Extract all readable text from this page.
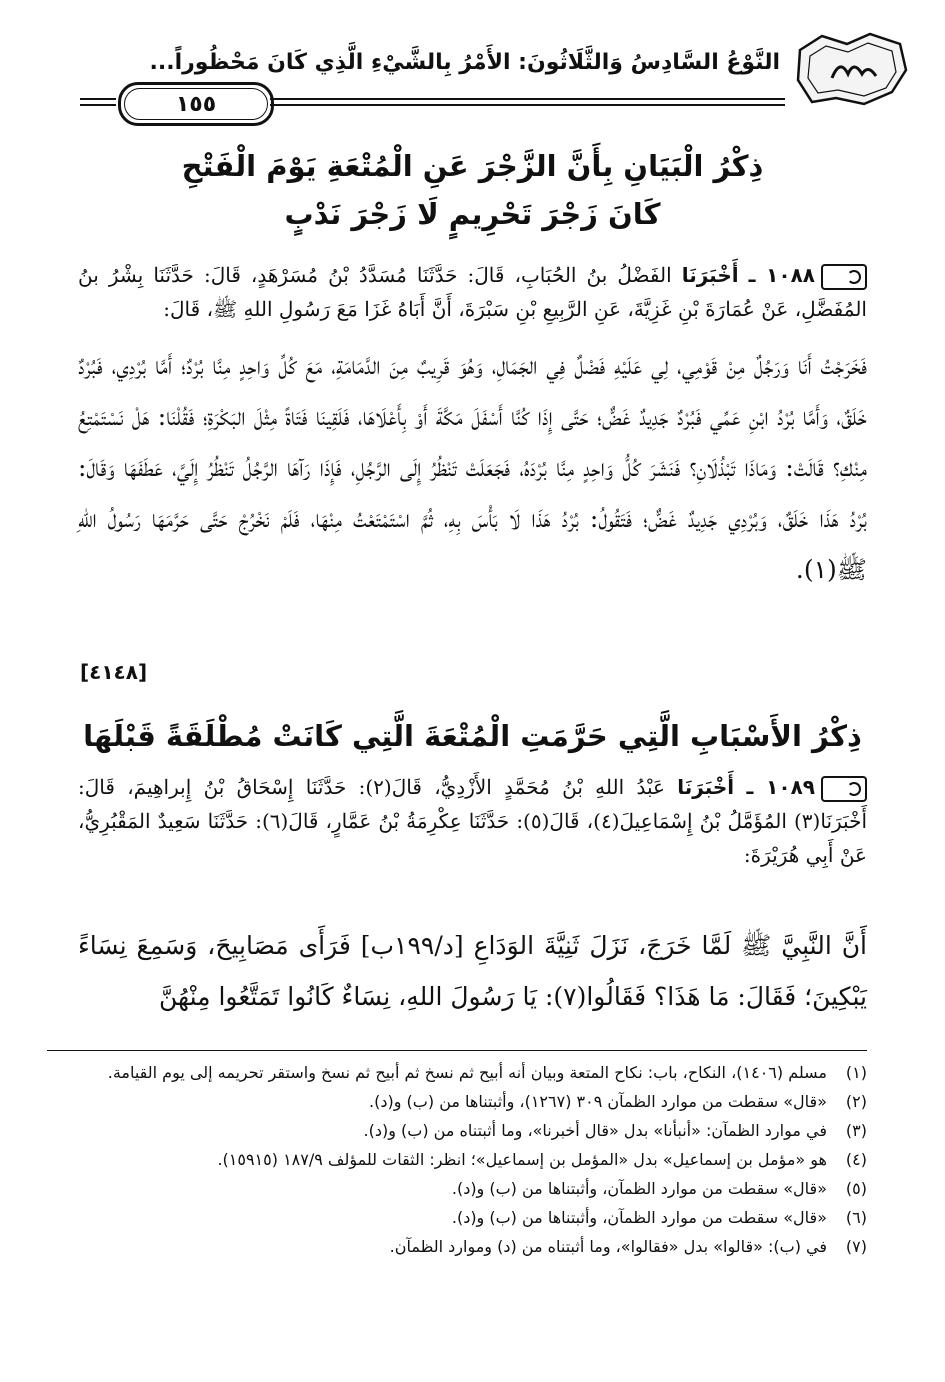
النَّوْعُ السَّادِسُ وَالثَّلَاثُونَ: الأَمْرُ بِالشَّيْءِ الَّذِي كَانَ مَحْظُوراً...
١٥٥
ذِكْرُ الْبَيَانِ بِأَنَّ الزَّجْرَ عَنِ الْمُتْعَةِ يَوْمَ الْفَتْحِ
كَانَ زَجْرَ تَحْرِيمٍ لَا زَجْرَ نَدْبٍ
١٠٨٨ ـ أَخْبَرَنَا الفَضْلُ بنُ الحُبَابِ، قَالَ: حَدَّثَنَا مُسَدَّدُ بْنُ مُسَرْهَدٍ، قَالَ: حَدَّثَنَا بِشْرُ بنُ المُفَضَّلِ، عَنْ عُمَارَةَ بْنِ غَزِيَّةَ، عَنِ الرَّبِيعِ بْنِ سَبْرَةَ، أَنَّ أَبَاهُ غَزَا مَعَ رَسُولِ اللهِ ﷺ، قَالَ:
فَخَرَجْتُ أَنَا وَرَجُلٌ مِنْ قَوْمِي، لِي عَلَيْهِ فَضْلٌ فِي الجَمَالِ، وَهُوَ قَرِيبٌ مِنَ الدَّمَامَةِ، مَعَ كُلِّ وَاحِدٍ مِنَّا بُرْدٌ؛ أَمَّا بُرْدِي، فَبُرْدٌ خَلَقٌ، وَأَمَّا بُرْدُ ابْنِ عَمِّي فَبُرْدٌ جَدِيدٌ غَضٌّ؛ حَتَّى إِذَا كُنَّا أَسْفَلَ مَكَّةَ أَوْ بِأَعْلَاهَا، فَلَقِينَا فَتَاةً مِثْلَ البَكْرَةِ؛ فَقُلْنَا: هَلْ نَسْتَمْتِعُ مِنْكِ؟ قَالَتْ: وَمَاذَا تَبْذُلَانِ؟ فَنَشَرَ كُلُّ وَاحِدٍ مِنَّا بُرْدَهُ، فَجَعَلَتْ تَنْظُرُ إِلَى الرَّجُلِ، فَإِذَا رَآهَا الرَّجُلُ تَنْظُرُ إِلَيَّ، عَطَفَهَا وَقَالَ: بُرْدُ هَذَا خَلَقٌ، وَبُرْدِي جَدِيدٌ غَضٌّ؛ فَتَقُولُ: بُرْدُ هَذَا لَا بَأْسَ بِهِ، ثُمَّ اسْتَمْتَعْتُ مِنْهَا، فَلَمْ نَخْرُجْ حَتَّى حَرَّمَهَا رَسُولُ اللهِ ﷺ(١).
[٤١٤٨]
ذِكْرُ الأَسْبَابِ الَّتِي حَرَّمَتِ الْمُتْعَةَ الَّتِي كَانَتْ مُطْلَقَةً قَبْلَهَا
١٠٨٩ ـ أَخْبَرَنَا عَبْدُ اللهِ بْنُ مُحَمَّدٍ الأَزْدِيُّ، قَالَ(٢): حَدَّثَنَا إِسْحَاقُ بْنُ إِبراهِيمَ، قَالَ: أَخْبَرَنَا(٣) المُؤَمَّلُ بْنُ إِسْمَاعِيلَ(٤)، قَالَ(٥): حَدَّثَنَا عِكْرِمَةُ بْنُ عَمَّارٍ، قَالَ(٦): حَدَّثَنَا سَعِيدٌ المَقْبُرِيُّ، عَنْ أَبِي هُرَيْرَةَ:
أَنَّ النَّبِيَّ ﷺ لَمَّا خَرَجَ، نَزَلَ ثَنِيَّةَ الوَدَاعِ [د/١٩٩ب] فَرَأَى مَصَابِيحَ، وَسَمِعَ نِسَاءً يَبْكِينَ؛ فَقَالَ: مَا هَذَا؟ فَقَالُوا(٧): يَا رَسُولَ اللهِ، نِسَاءٌ كَانُوا تَمَتَّعُوا مِنْهُنَّ
(١)
مسلم (١٤٠٦)، النكاح، باب: نكاح المتعة وبيان أنه أبيح ثم نسخ ثم أبيح ثم نسخ واستقر تحريمه إلى يوم القيامة.
(٢)
«قال» سقطت من موارد الظمآن ٣٠٩ (١٢٦٧)، وأثبتناها من (ب) و(د).
(٣)
في موارد الظمآن: «أنبأنا» بدل «قال أخبرنا»، وما أثبتناه من (ب) و(د).
(٤)
هو «مؤمل بن إسماعيل» بدل «المؤمل بن إسماعيل»؛ انظر: الثقات للمؤلف ١٨٧/٩ (١٥٩١٥).
(٥)
«قال» سقطت من موارد الظمآن، وأثبتناها من (ب) و(د).
(٦)
«قال» سقطت من موارد الظمآن، وأثبتناها من (ب) و(د).
(٧)
في (ب): «قالوا» بدل «فقالوا»، وما أثبتناه من (د) وموارد الظمآن.
